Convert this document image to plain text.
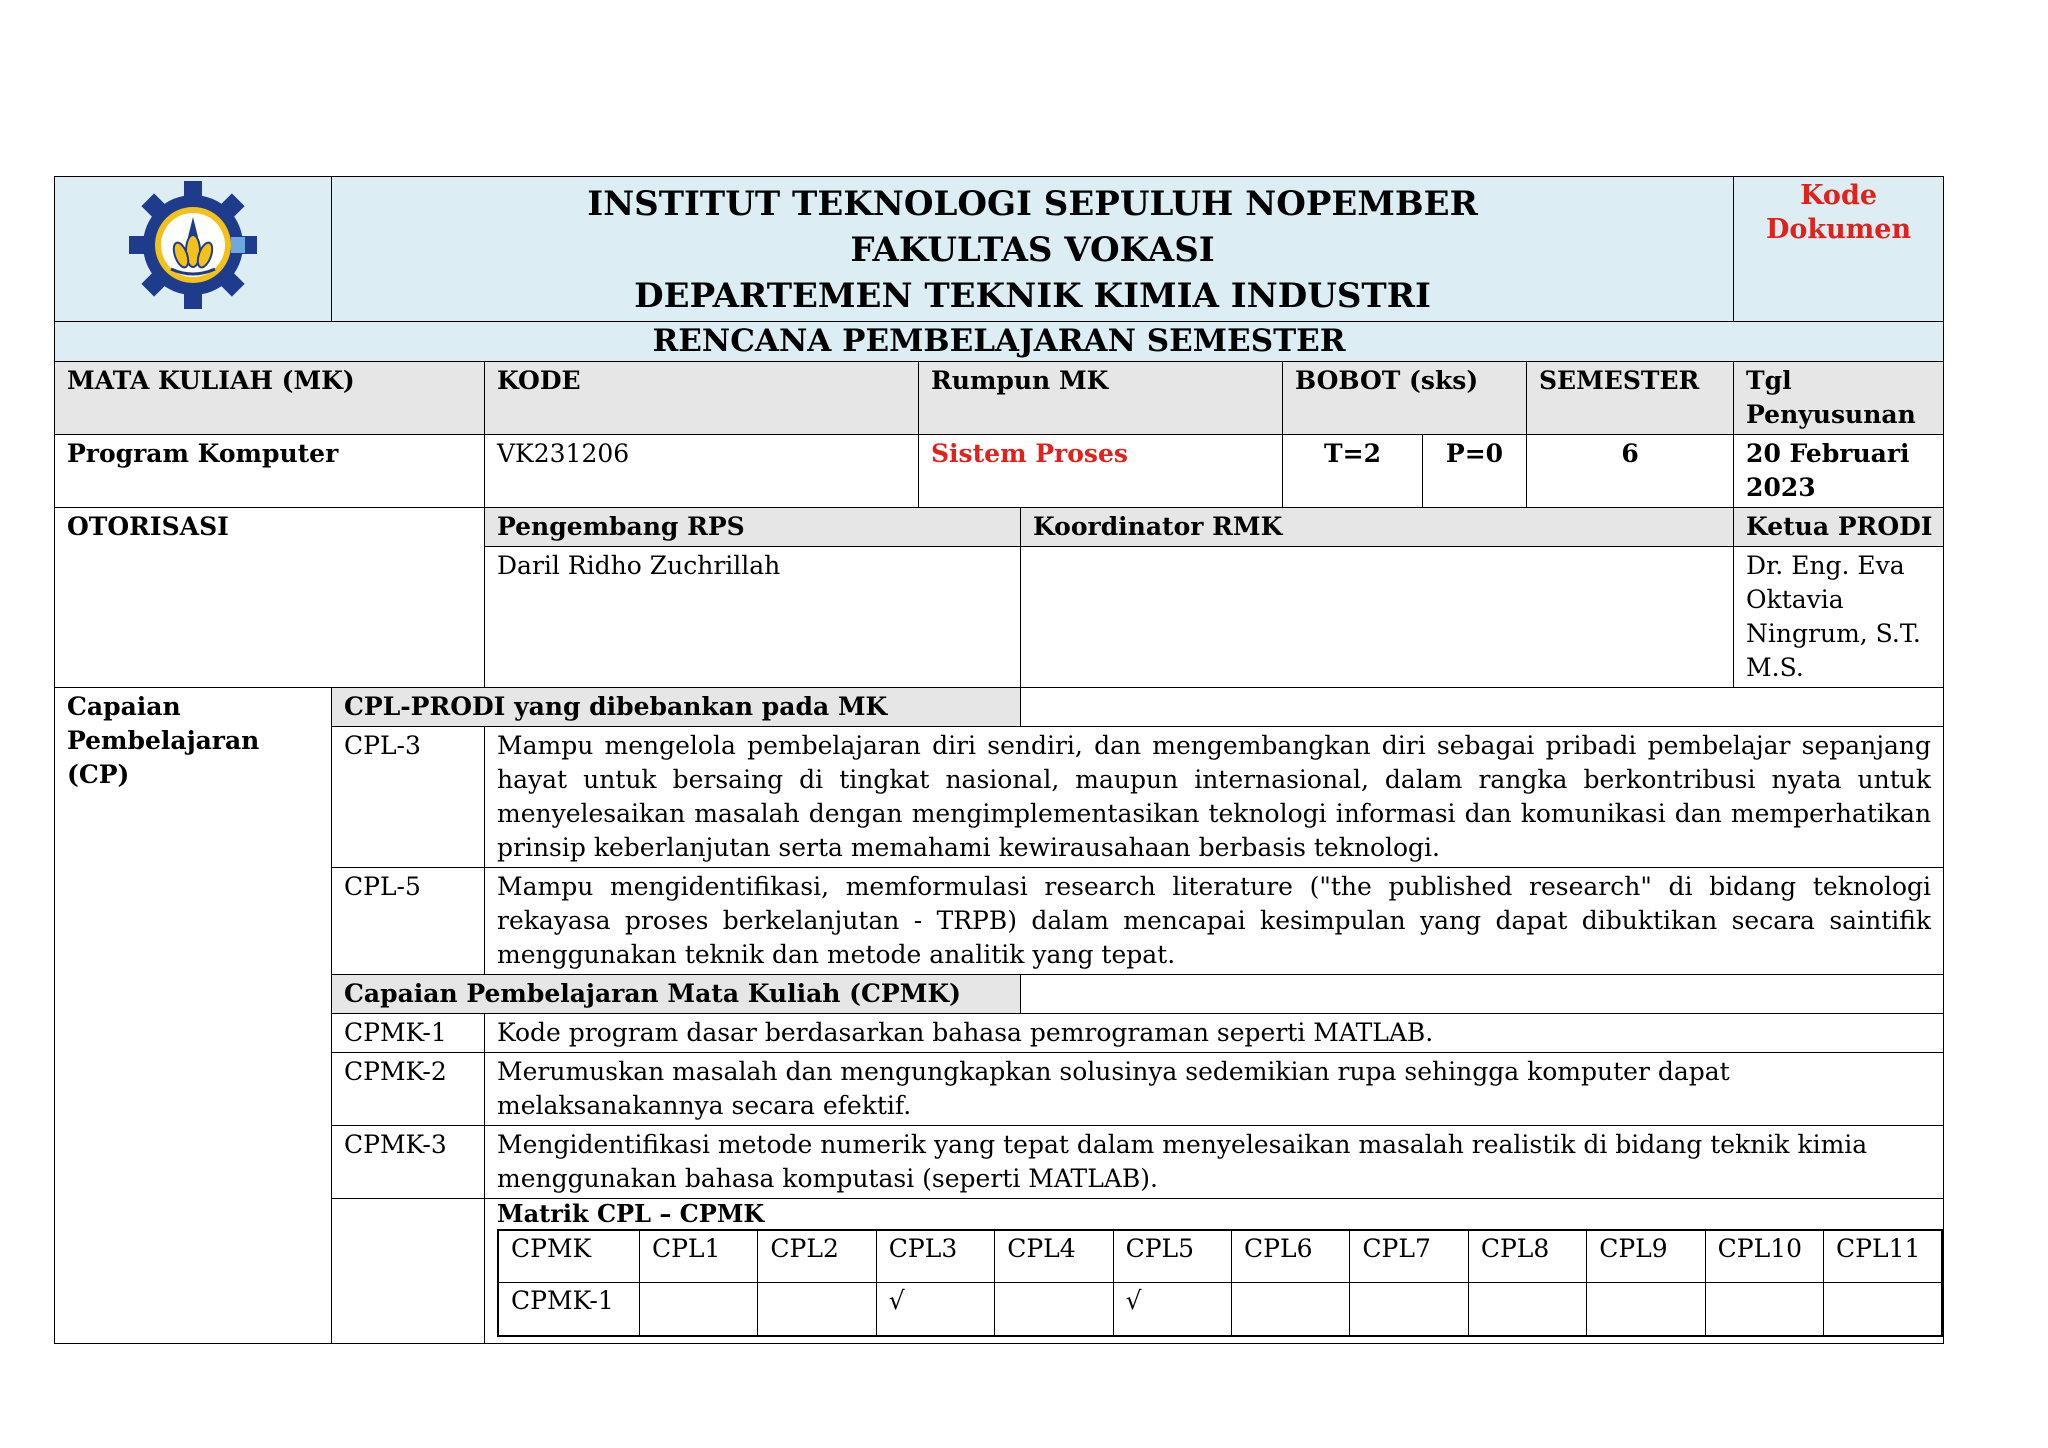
INSTITUT TEKNOLOGI SEPULUH NOPEMBER
FAKULTAS VOKASI
DEPARTEMEN TEKNIK KIMIA INDUSTRI

Kode
Dokumen

RENCANA PEMBELAJARAN SEMESTER
MATA KULIAH (MK)	KODE	Rumpun MK	BOBOT (sks)	SEMESTER	Tgl Penyusunan
Program Komputer	VK231206	Sistem Proses	T=2	P=0	6	20 Februari 2023
OTORISASI	Pengembang RPS	Koordinator RMK	Ketua PRODI
Daril Ridho Zuchrillah		Dr. Eng. Eva Oktavia Ningrum, S.T. M.S.
Capaian Pembelajaran (CP)	CPL-PRODI yang dibebankan pada MK	
CPL-3	Mampu mengelola pembelajaran diri sendiri, dan mengembangkan diri sebagai pribadi pembelajar sepanjang hayat untuk bersaing di tingkat nasional, maupun internasional, dalam rangka berkontribusi nyata untuk menyelesaikan masalah dengan mengimplementasikan teknologi informasi dan komunikasi dan memperhatikan prinsip keberlanjutan serta memahami kewirausahaan berbasis teknologi.
CPL-5	Mampu mengidentifikasi, memformulasi research literature ("the published research" di bidang teknologi rekayasa proses berkelanjutan - TRPB) dalam mencapai kesimpulan yang dapat dibuktikan secara saintifik menggunakan teknik dan metode analitik yang tepat.
Capaian Pembelajaran Mata Kuliah (CPMK)	
CPMK-1	Kode program dasar berdasarkan bahasa pemrograman seperti MATLAB.
CPMK-2	Merumuskan masalah dan mengungkapkan solusinya sedemikian rupa sehingga komputer dapat melaksanakannya secara efektif.
CPMK-3	Mengidentifikasi metode numerik yang tepat dalam menyelesaikan masalah realistik di bidang teknik kimia menggunakan bahasa komputasi (seperti MATLAB).

Matrik CPL – CPMK
CPMK	CPL1	CPL2	CPL3	CPL4	CPL5	CPL6	CPL7	CPL8	CPL9	CPL10	CPL11
CPMK-1			√		√						
